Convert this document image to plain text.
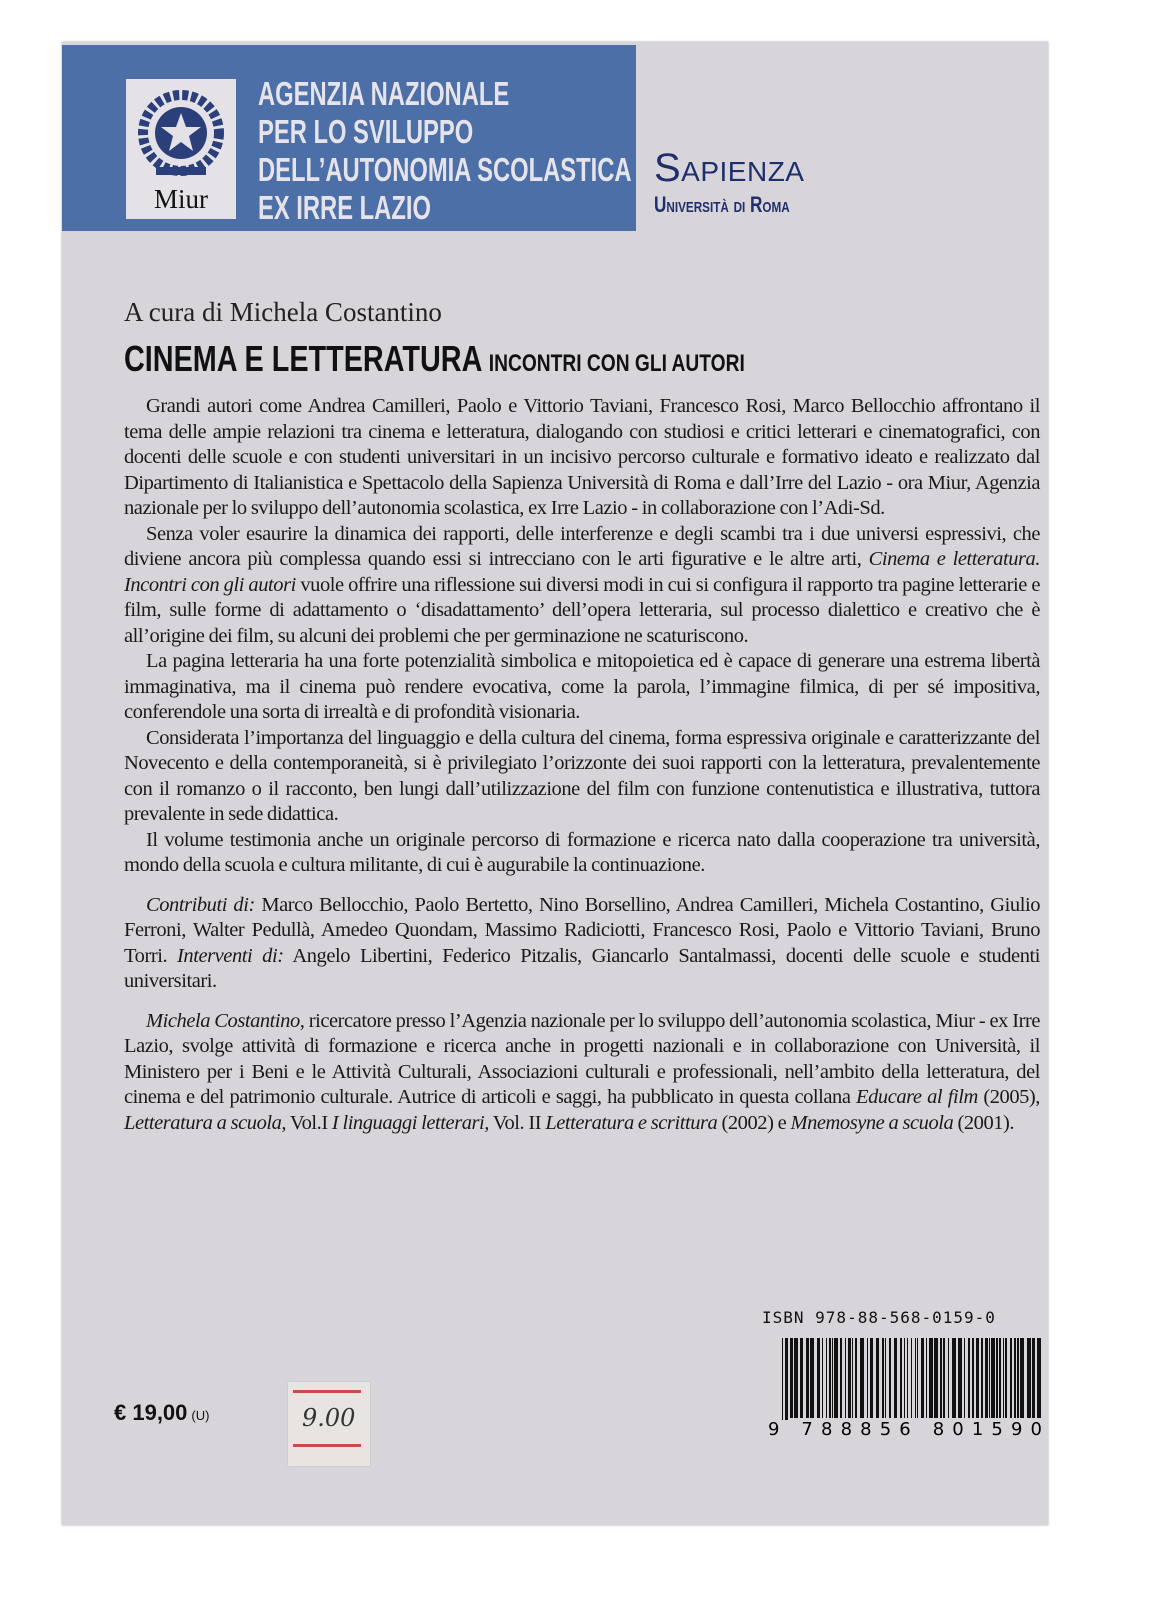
Miur
AGENZIA NAZIONALE
PER LO SVILUPPO
DELL’AUTONOMIA SCOLASTICA
EX IRRE LAZIO
Sapienza
Università di Roma
A cura di Michela Costantino
CINEMA E LETTERATURA INCONTRI CON GLI AUTORI

Grandi autori come Andrea Camilleri, Paolo e Vittorio Taviani, Francesco Rosi, Marco Bellocchio affrontano il tema delle ampie relazioni tra cinema e letteratura, dialogando con studiosi e critici letterari e cinematografici, con docenti delle scuole e con studenti universitari in un incisivo percorso culturale e formativo ideato e realizzato dal Dipartimento di Italianistica e Spettacolo della Sapienza Università di Roma e dall’Irre del Lazio - ora Miur, Agenzia nazionale per lo sviluppo dell’autonomia scolastica, ex Irre Lazio - in collaborazione con l’Adi-Sd.

Senza voler esaurire la dinamica dei rapporti, delle interferenze e degli scambi tra i due universi espressivi, che diviene ancora più complessa quando essi si intrecciano con le arti figurative e le altre arti, Cinema e letteratura. Incontri con gli autori vuole offrire una riflessione sui diversi modi in cui si configura il rapporto tra pagine letterarie e film, sulle forme di adattamento o ‘disadattamento’ dell’opera letteraria, sul processo dialettico e creativo che è all’origine dei film, su alcuni dei problemi che per germinazione ne scaturiscono.

La pagina letteraria ha una forte potenzialità simbolica e mitopoietica ed è capace di generare una estrema libertà immaginativa, ma il cinema può rendere evocativa, come la parola, l’immagine filmica, di per sé impositiva, conferendole una sorta di irrealtà e di profondità visionaria.

Considerata l’importanza del linguaggio e della cultura del cinema, forma espressiva originale e caratterizzante del Novecento e della contemporaneità, si è privilegiato l’orizzonte dei suoi rapporti con la letteratura, prevalentemente con il romanzo o il racconto, ben lungi dall’utilizzazione del film con funzione contenutistica e illustrativa, tuttora prevalente in sede didattica.

Il volume testimonia anche un originale percorso di formazione e ricerca nato dalla cooperazione tra università, mondo della scuola e cultura militante, di cui è augurabile la continuazione.

Contributi di: Marco Bellocchio, Paolo Bertetto, Nino Borsellino, Andrea Camilleri, Michela Costantino, Giulio Ferroni, Walter Pedullà, Amedeo Quondam, Massimo Radiciotti, Francesco Rosi, Paolo e Vittorio Taviani, Bruno Torri. Interventi di: Angelo Libertini, Federico Pitzalis, Giancarlo Santalmassi, docenti delle scuole e studenti universitari.

Michela Costantino, ricercatore presso l’Agenzia nazionale per lo sviluppo dell’autonomia scolastica, Miur - ex Irre Lazio, svolge attività di formazione e ricerca anche in progetti nazionali e in collaborazione con Università, il Ministero per i Beni e le Attività Culturali, Associazioni culturali e professionali, nell’ambito della letteratura, del cinema e del patrimonio culturale. Autrice di articoli e saggi, ha pubblicato in questa collana Educare al film (2005), Letteratura a scuola, Vol.I I linguaggi letterari, Vol. II Letteratura e scrittura (2002) e Mnemosyne a scuola (2001).

ISBN 978-88-568-0159-0
9 788856 801590
€ 19,00 (U)	9.00
